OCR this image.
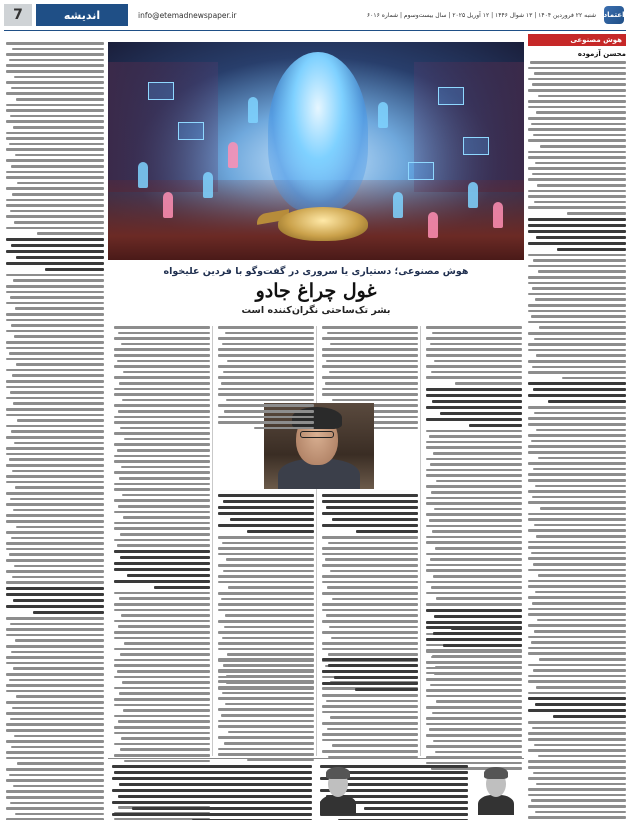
7	اندیشه	info@etemadnewspaper.ir	شنبه ۲۲ فروردین ۱۴۰۴ | ۱۳ شوال ۱۴۴۶ | ۱۲ آوریل ۲۰۲۵ | سال بیست‌وسوم | شماره ۶۰۱۶ اعتماد
هوش مصنوعی
محسن آزموده
هوش مصنوعی؛ دستیاری یا سروری در گفت‌وگو با فردین علیخواه
غول چراغ جادو
بشر تک‌ساحتی نگران‌کننده است
